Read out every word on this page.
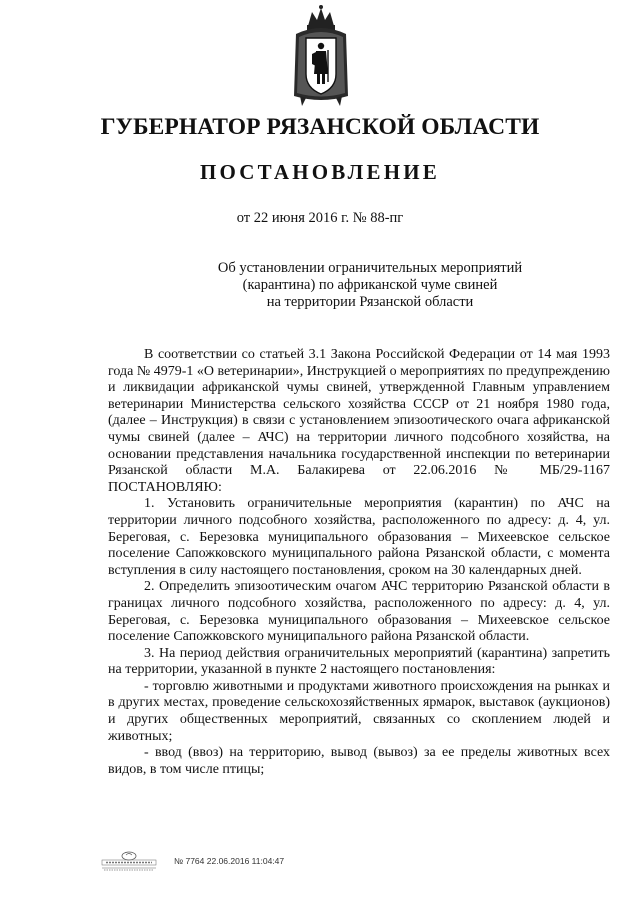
ГУБЕРНАТОР РЯЗАНСКОЙ ОБЛАСТИ
ПОСТАНОВЛЕНИЕ
от 22 июня 2016 г. № 88-пг
Об установлении ограничительных мероприятий
(карантина) по африканской чуме свиней
на территории Рязанской области

В соответствии со статьей 3.1 Закона Российской Федерации от 14 мая 1993 года № 4979-1 «О ветеринарии», Инструкцией о мероприятиях по предупреждению и ликвидации африканской чумы свиней, утвержденной Главным управлением ветеринарии Министерства сельского хозяйства СССР от 21 ноября 1980 года, (далее – Инструкция) в связи с установлением эпизоотического очага африканской чумы свиней (далее – АЧС) на территории личного подсобного хозяйства, на основании представления начальника государственной инспекции по ветеринарии Рязанской области М.А. Балакирева от 22.06.2016 № МБ/29-1167 ПОСТАНОВЛЯЮ:

1. Установить ограничительные мероприятия (карантин) по АЧС на территории личного подсобного хозяйства, расположенного по адресу: д. 4, ул. Береговая, с. Березовка муниципального образования – Михеевское сельское поселение Сапожковского муниципального района Рязанской области, с момента вступления в силу настоящего постановления, сроком на 30 календарных дней.

2. Определить эпизоотическим очагом АЧС территорию Рязанской области в границах личного подсобного хозяйства, расположенного по адресу: д. 4, ул. Береговая, с. Березовка муниципального образования – Михеевское сельское поселение Сапожковского муниципального района Рязанской области.

3. На период действия ограничительных мероприятий (карантина) запретить на территории, указанной в пункте 2 настоящего постановления:

- торговлю животными и продуктами животного происхождения на рынках и в других местах, проведение сельскохозяйственных ярмарок, выставок (аукционов) и других общественных мероприятий, связанных со скоплением людей и животных;

- ввод (ввоз) на территорию, вывод (вывоз) за ее пределы животных всех видов, в том числе птицы;

№ 7764 22.06.2016 11:04:47
